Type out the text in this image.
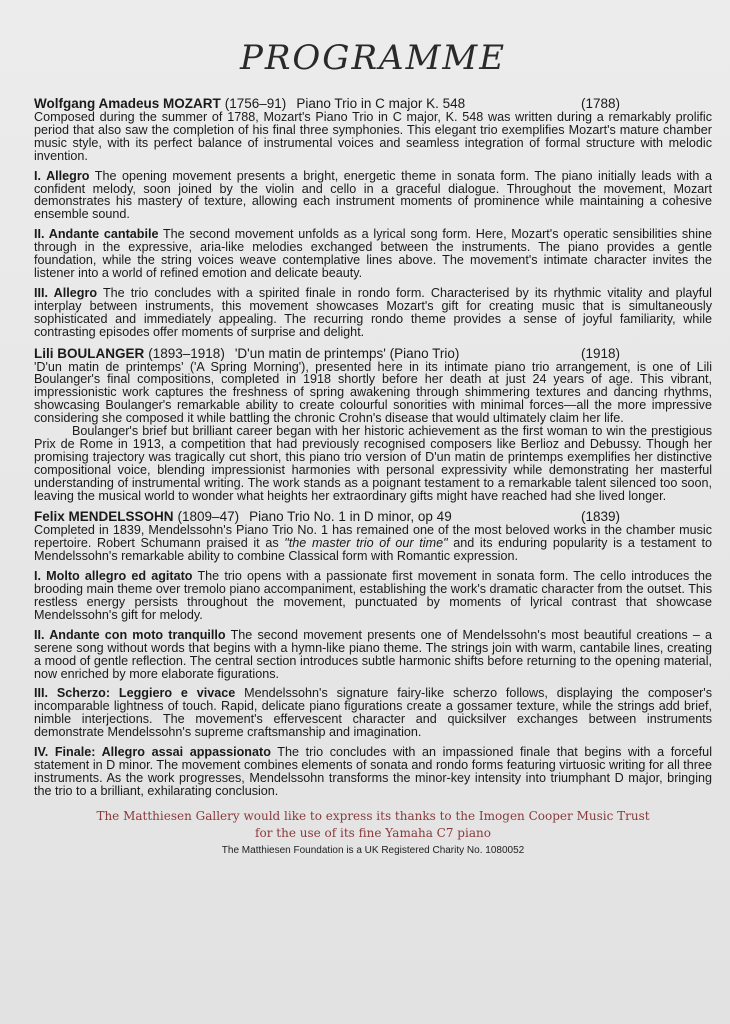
PROGRAMME
Wolfgang Amadeus MOZART (1756–91) Piano Trio in C major K. 548	(1788)

Composed during the summer of 1788, Mozart's Piano Trio in C major, K. 548 was written during a remarkably prolific period that also saw the completion of his final three symphonies. This elegant trio exemplifies Mozart's mature chamber music style, with its perfect balance of instrumental voices and seamless integration of formal structure with melodic invention.

I. Allegro The opening movement presents a bright, energetic theme in sonata form. The piano initially leads with a confident melody, soon joined by the violin and cello in a graceful dialogue. Throughout the movement, Mozart demonstrates his mastery of texture, allowing each instrument moments of prominence while maintaining a cohesive ensemble sound.

II. Andante cantabile The second movement unfolds as a lyrical song form. Here, Mozart's operatic sensibilities shine through in the expressive, aria-like melodies exchanged between the instruments. The piano provides a gentle foundation, while the string voices weave contemplative lines above. The movement's intimate character invites the listener into a world of refined emotion and delicate beauty.

III. Allegro The trio concludes with a spirited finale in rondo form. Characterised by its rhythmic vitality and playful interplay between instruments, this movement showcases Mozart's gift for creating music that is simultaneously sophisticated and immediately appealing. The recurring rondo theme provides a sense of joyful familiarity, while contrasting episodes offer moments of surprise and delight.

Lili BOULANGER (1893–1918) 'D'un matin de printemps' (Piano Trio)	(1918)

'D'un matin de printemps' ('A Spring Morning'), presented here in its intimate piano trio arrangement, is one of Lili Boulanger's final compositions, completed in 1918 shortly before her death at just 24 years of age. This vibrant, impressionistic work captures the freshness of spring awakening through shimmering textures and dancing rhythms, showcasing Boulanger's remarkable ability to create colourful sonorities with minimal forces—all the more impressive considering she composed it while battling the chronic Crohn's disease that would ultimately claim her life.

Boulanger's brief but brilliant career began with her historic achievement as the first woman to win the prestigious Prix de Rome in 1913, a competition that had previously recognised composers like Berlioz and Debussy. Though her promising trajectory was tragically cut short, this piano trio version of D'un matin de printemps exemplifies her distinctive compositional voice, blending impressionist harmonies with personal expressivity while demonstrating her masterful understanding of instrumental writing. The work stands as a poignant testament to a remarkable talent silenced too soon, leaving the musical world to wonder what heights her extraordinary gifts might have reached had she lived longer.

Felix MENDELSSOHN (1809–47) Piano Trio No. 1 in D minor, op 49	(1839)

Completed in 1839, Mendelssohn's Piano Trio No. 1 has remained one of the most beloved works in the chamber music repertoire. Robert Schumann praised it as "the master trio of our time" and its enduring popularity is a testament to Mendelssohn's remarkable ability to combine Classical form with Romantic expression.

I. Molto allegro ed agitato The trio opens with a passionate first movement in sonata form. The cello introduces the brooding main theme over tremolo piano accompaniment, establishing the work's dramatic character from the outset. This restless energy persists throughout the movement, punctuated by moments of lyrical contrast that showcase Mendelssohn's gift for melody.

II. Andante con moto tranquillo The second movement presents one of Mendelssohn's most beautiful creations – a serene song without words that begins with a hymn-like piano theme. The strings join with warm, cantabile lines, creating a mood of gentle reflection. The central section introduces subtle harmonic shifts before returning to the opening material, now enriched by more elaborate figurations.

III. Scherzo: Leggiero e vivace Mendelssohn's signature fairy-like scherzo follows, displaying the composer's incomparable lightness of touch. Rapid, delicate piano figurations create a gossamer texture, while the strings add brief, nimble interjections. The movement's effervescent character and quicksilver exchanges between instruments demonstrate Mendelssohn's supreme craftsmanship and imagination.

IV. Finale: Allegro assai appassionato The trio concludes with an impassioned finale that begins with a forceful statement in D minor. The movement combines elements of sonata and rondo forms featuring virtuosic writing for all three instruments. As the work progresses, Mendelssohn transforms the minor-key intensity into triumphant D major, bringing the trio to a brilliant, exhilarating conclusion.

The Matthiesen Gallery would like to express its thanks to the Imogen Cooper Music Trust
for the use of its fine Yamaha C7 piano

The Matthiesen Foundation is a UK Registered Charity No. 1080052
